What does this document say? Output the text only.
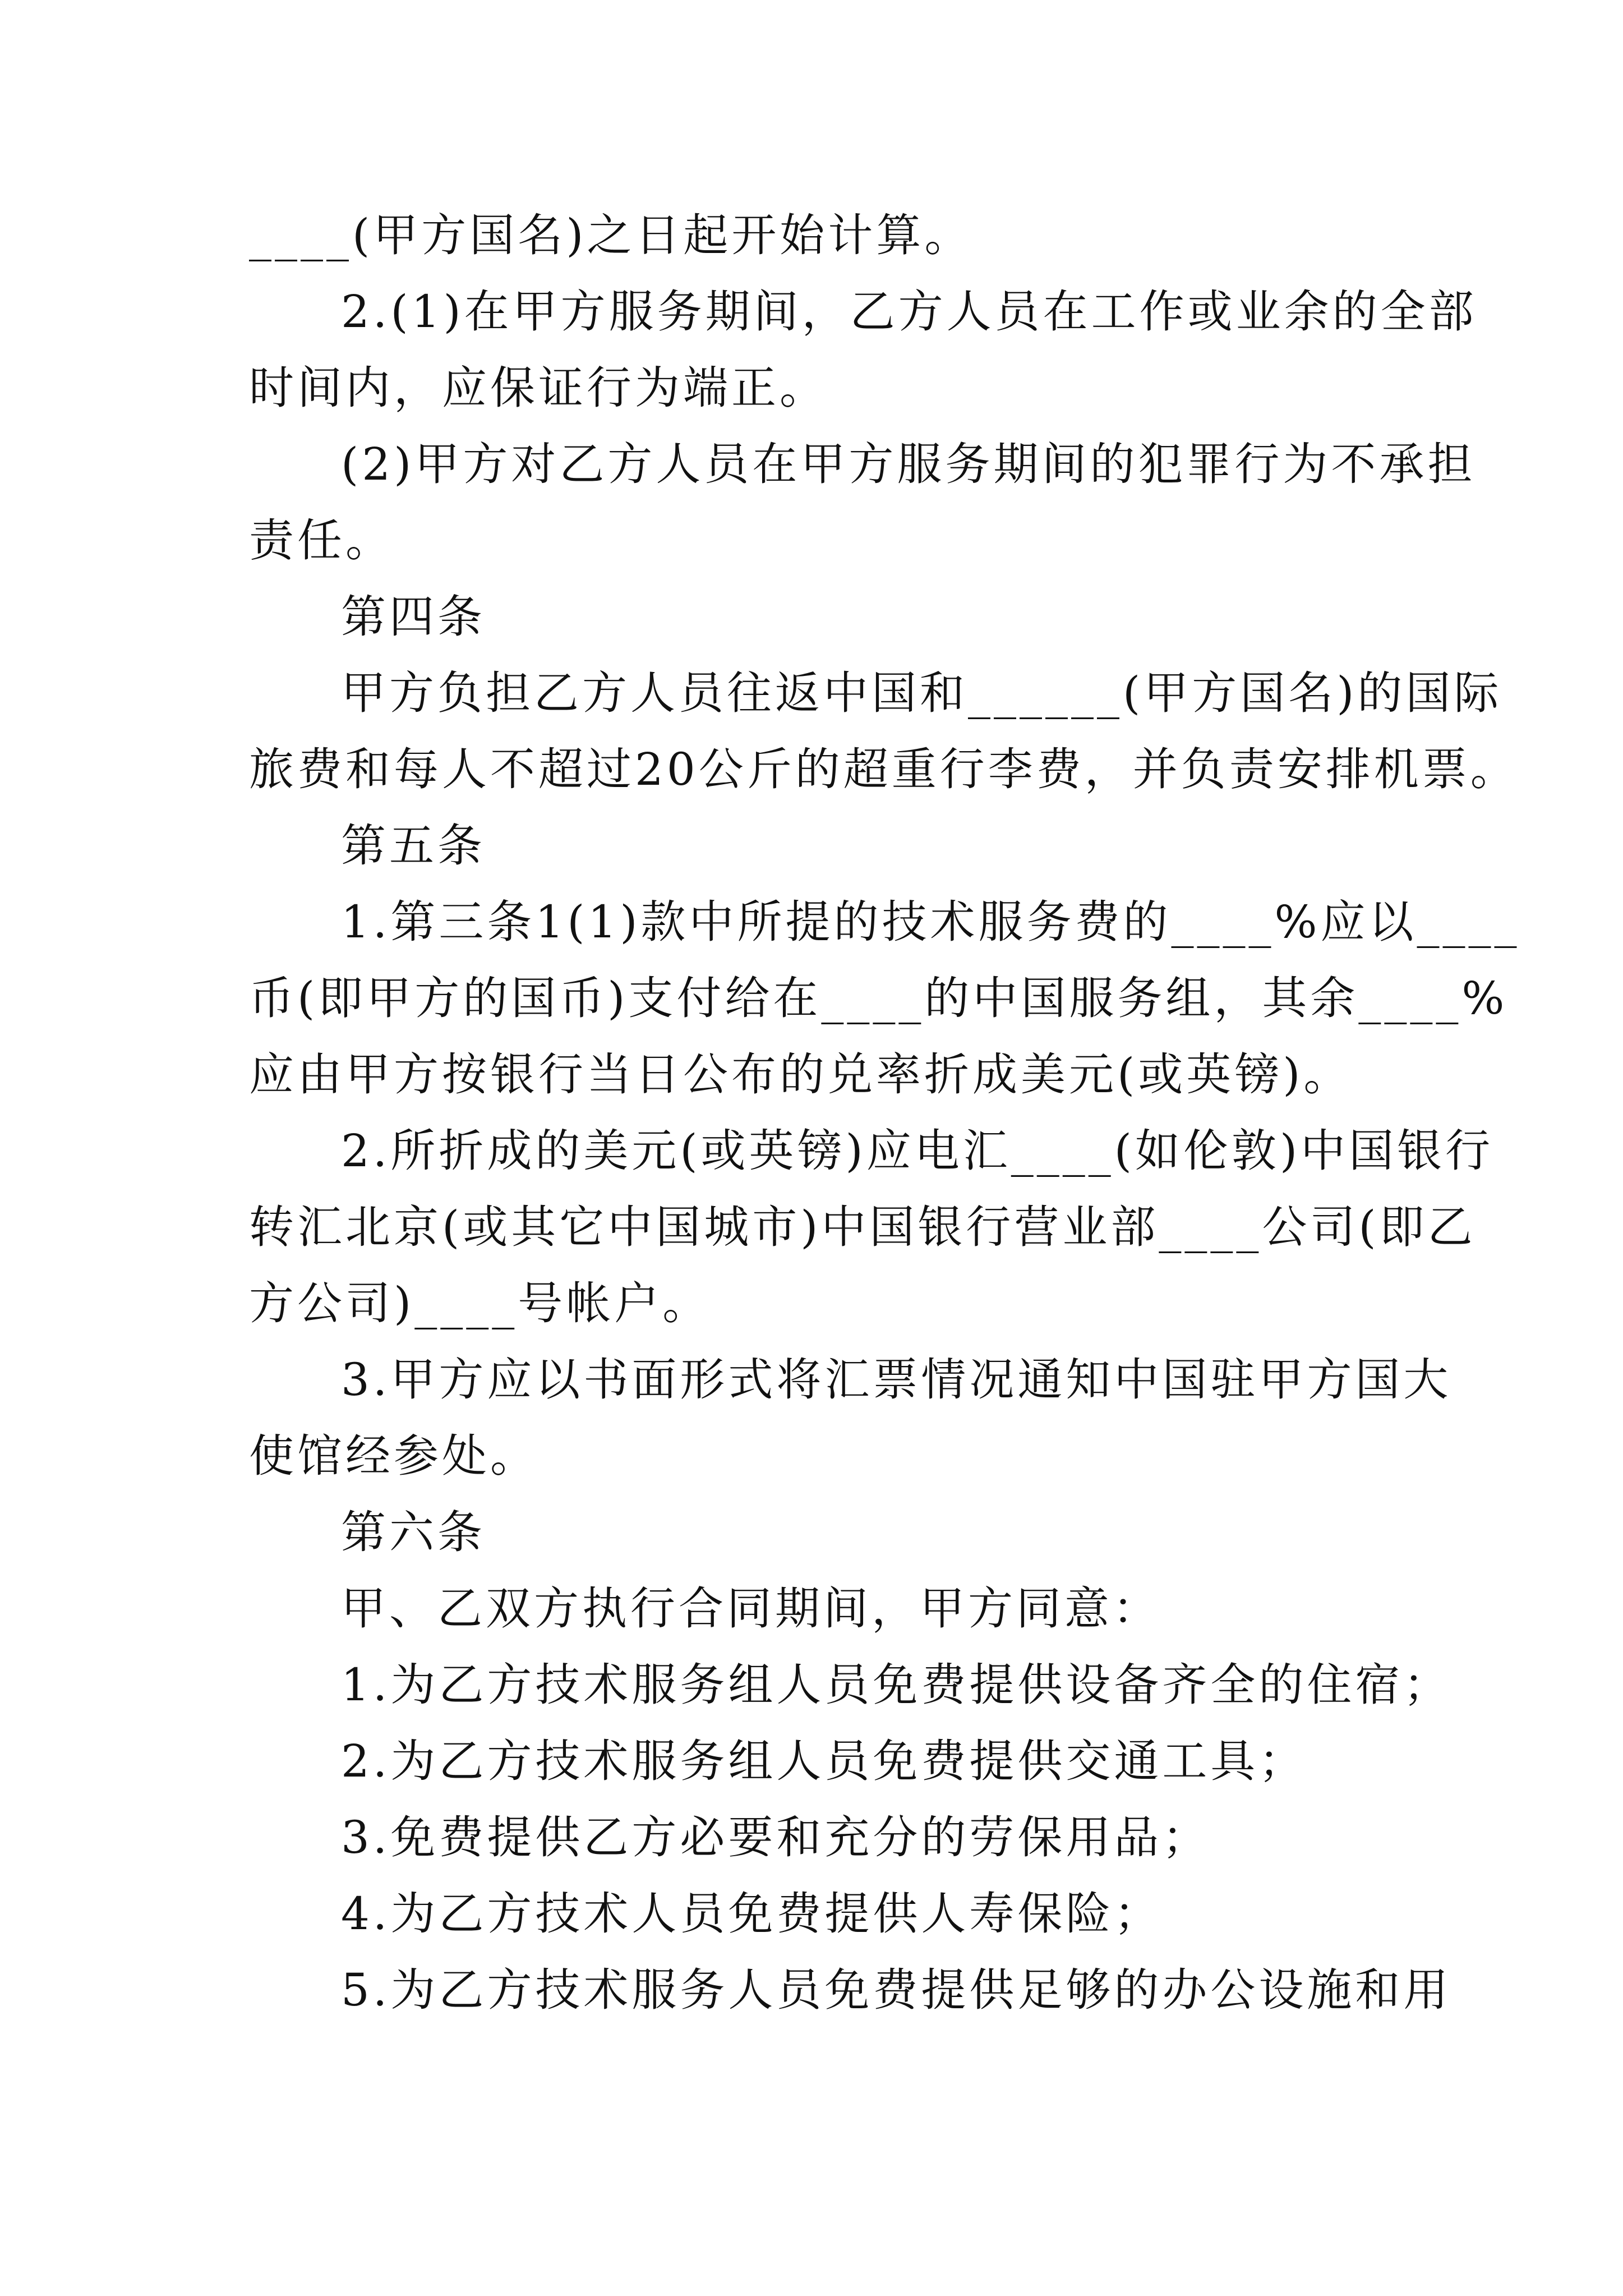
____(甲方国名)之日起开始计算。
2.(1)在甲方服务期间，乙方人员在工作或业余的全部
时间内，应保证行为端正。
(2)甲方对乙方人员在甲方服务期间的犯罪行为不承担
责任。
第四条
甲方负担乙方人员往返中国和______(甲方国名)的国际
旅费和每人不超过20公斤的超重行李费，并负责安排机票。
第五条
1.第三条1(1)款中所提的技术服务费的____%应以____
币(即甲方的国币)支付给在____的中国服务组，其余____%
应由甲方按银行当日公布的兑率折成美元(或英镑)。
2.所折成的美元(或英镑)应电汇____(如伦敦)中国银行
转汇北京(或其它中国城市)中国银行营业部____公司(即乙
方公司)____号帐户。
3.甲方应以书面形式将汇票情况通知中国驻甲方国大
使馆经参处。
第六条
甲、乙双方执行合同期间，甲方同意：
1.为乙方技术服务组人员免费提供设备齐全的住宿；
2.为乙方技术服务组人员免费提供交通工具；
3.免费提供乙方必要和充分的劳保用品；
4.为乙方技术人员免费提供人寿保险；
5.为乙方技术服务人员免费提供足够的办公设施和用
